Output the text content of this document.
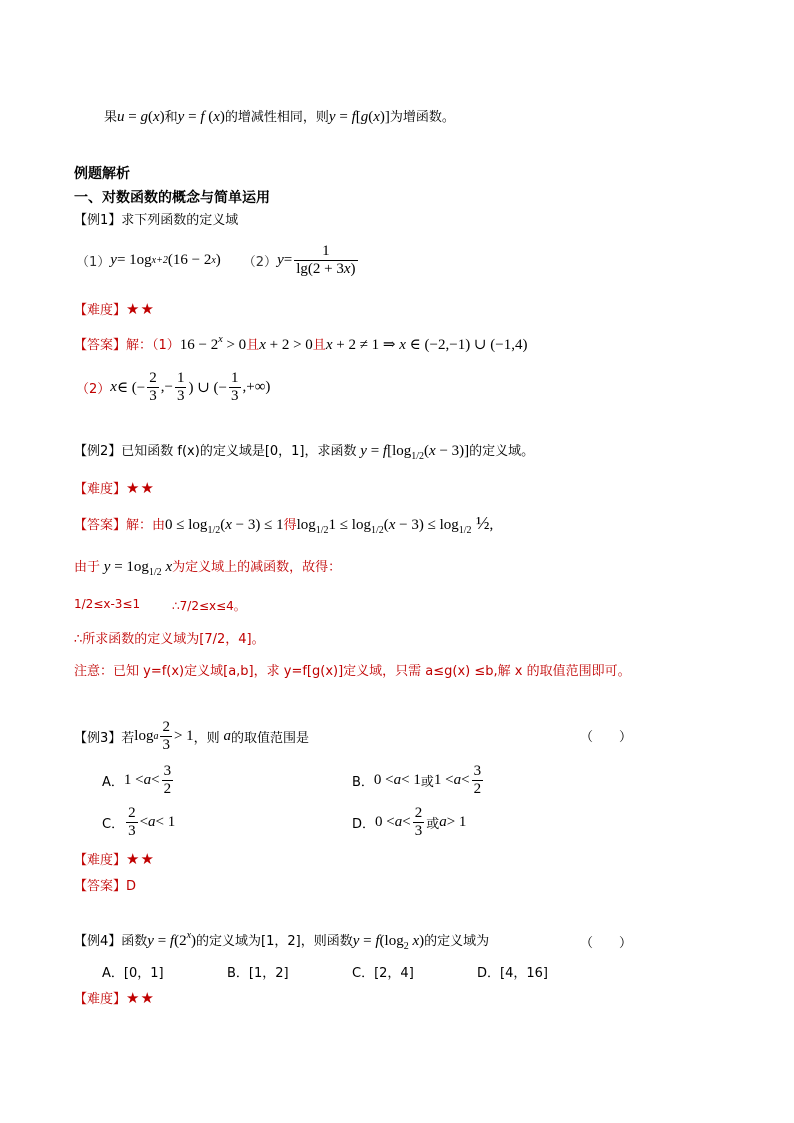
果u = g(x)和y = f (x)的增减性相同，则y = f[g(x)]为增函数。
例题解析
一、对数函数的概念与简单运用
【例1】求下列函数的定义域
（1） y = 1og x+2 (16 − 2 x ) （2） $y = \frac{1}{\lg(2 + 3x)}$
【难度】★★
【答案】解：$(1)16 - 2^x > 0$且x + 2 > 0且x + 2 ≠ 1 ⇒ x ∈ (−2,−1) ∪ (−1,4)
（2） x ∈ (− $\frac{2}{3}$ ,− $\frac{1}{3}$ ) ∪ (− $\frac{1}{3}$ ,+∞)
【例2】已知函数 f(x)的定义域是[0，1]，求函数 $y = f[\log_{1/2}(x - 3)]$的定义域。
【难度】★★
【答案】解：由$0 \le \log_{1/2}(x - 3) \le 1$得$\log_{1/2}1 \le \log_{1/2}(x - 3) \le \log_{1/2}$ ½,
由于 $y = 1og_{1/2}$ x为定义域上的减函数，故得：
1/2≤x-3≤1	∴7/2≤x≤4。
∴所求函数的定义域为[7/2，4]。
注意：已知 y=f(x)定义域[a,b]，求 y=f[g(x)]定义域，只需 a≤g(x) ≤b,解 x 的取值范围即可。
【例3】若 log a $\frac{2}{3} > 1$ ，则 a 的取值范围是	（　　）
A． $1 < a < \frac{3}{2}$	B． 0 < a < 1 或 $1 < a < \frac{3}{2}$
C． $\frac{2}{3} < a < 1$	D． $0 < a < \frac{2}{3}$ 或 a > 1
【难度】★★
【答案】D
【例4】函数$y = f(2^x)$的定义域为[1，2]，则函数$y = f(\log_2$ x)的定义域为	（　　）
A．[0，1]	B．[1，2]	C．[2，4]	D．[4，16]
【难度】★★
